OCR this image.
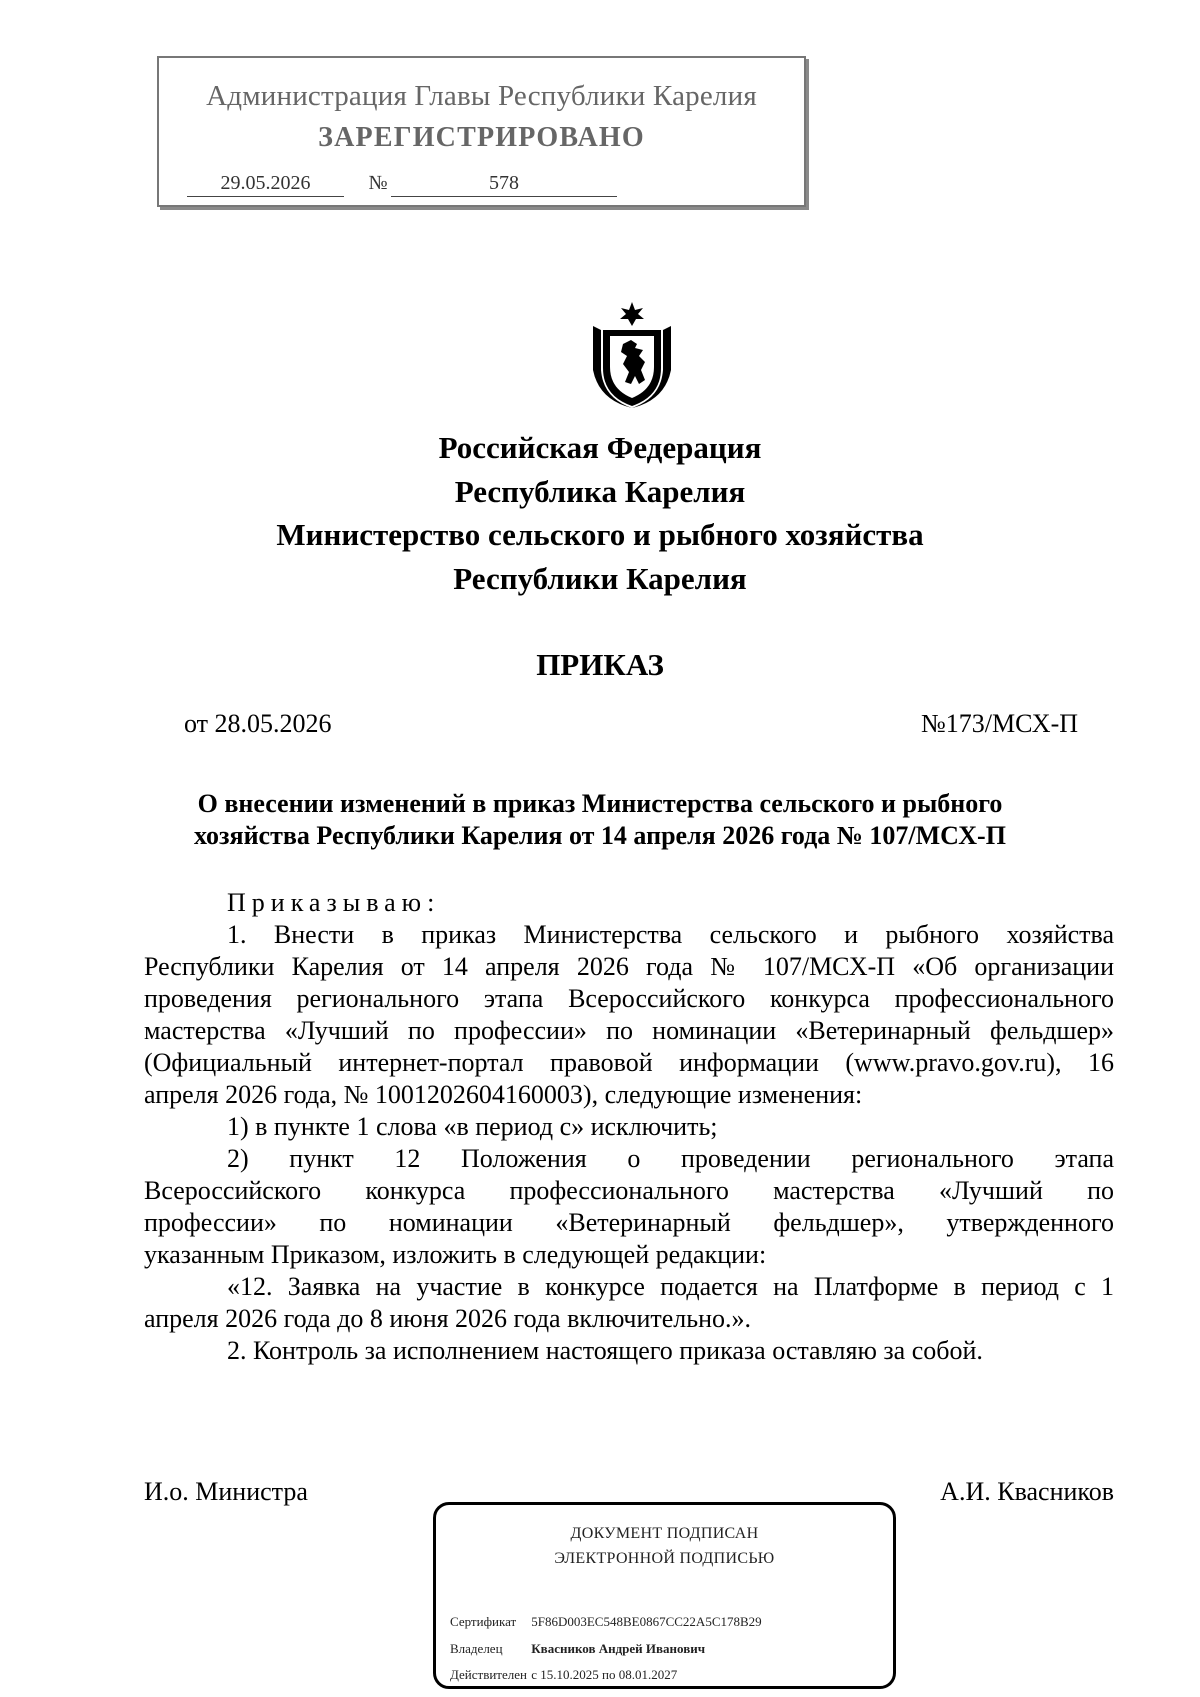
Администрация Главы Республики Карелия
ЗАРЕГИСТРИРОВАНО
29.05.2026	№	578
Российская Федерация
Республика Карелия
Министерство сельского и рыбного хозяйства
Республики Карелия
ПРИКАЗ
от 28.05.2026	№173/МСХ-П
О внесении изменений в приказ Министерства сельского и рыбного
хозяйства Республики Карелия от 14 апреля 2026 года № 107/МСХ-П
Приказываю:
1. Внести в приказ Министерства сельского и рыбного хозяйства
Республики Карелия от 14 апреля 2026 года № 107/МСХ-П «Об организации
проведения регионального этапа Всероссийского конкурса профессионального
мастерства «Лучший по профессии» по номинации «Ветеринарный фельдшер»
(Официальный интернет-портал правовой информации (www.pravo.gov.ru), 16
апреля 2026 года, № 1001202604160003), следующие изменения:
1) в пункте 1 слова «в период с» исключить;
2) пункт 12 Положения о проведении регионального этапа
Всероссийского конкурса профессионального мастерства «Лучший по
профессии» по номинации «Ветеринарный фельдшер», утвержденного
указанным Приказом, изложить в следующей редакции:
«12. Заявка на участие в конкурсе подается на Платформе в период с 1
апреля 2026 года до 8 июня 2026 года включительно.».
2. Контроль за исполнением настоящего приказа оставляю за собой.
И.о. Министра	А.И. Квасников
ДОКУМЕНТ ПОДПИСАН
ЭЛЕКТРОННОЙ ПОДПИСЬЮ
Сертификат 5F86D003EC548BE0867CC22A5C178B29
Владелец Квасников Андрей Иванович
Действителен с 15.10.2025 по 08.01.2027
